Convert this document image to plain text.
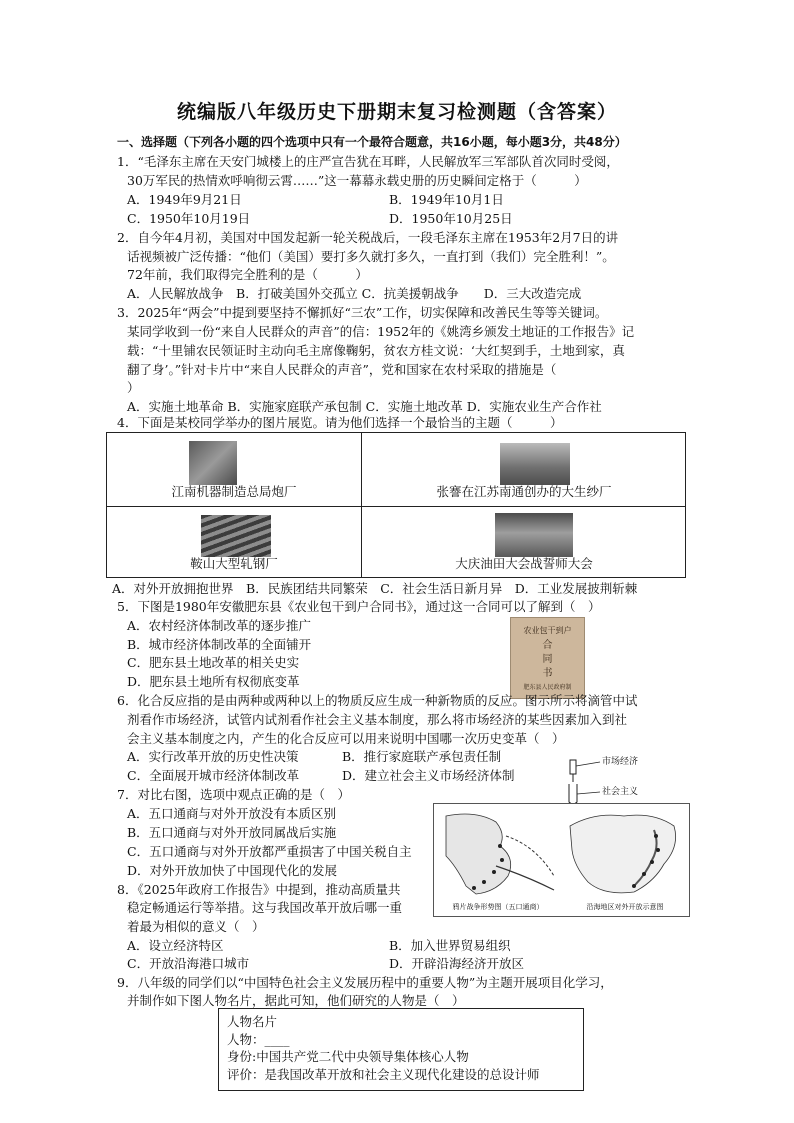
统编版八年级历史下册期末复习检测题（含答案）
一、选择题（下列各小题的四个选项中只有一个最符合题意，共16小题，每小题3分，共48分）
1．“毛泽东主席在天安门城楼上的庄严宣告犹在耳畔，人民解放军三军部队首次同时受阅，
30万军民的热情欢呼响彻云霄……”这一幕幕永载史册的历史瞬间定格于（　　　）
A．1949年9月21日	B．1949年10月1日
C．1950年10月19日	D．1950年10月25日
2．自今年4月初，美国对中国发起新一轮关税战后，一段毛泽东主席在1953年2月7日的讲
话视频被广泛传播：“他们（美国）要打多久就打多久，一直打到（我们）完全胜利！”。
72年前，我们取得完全胜利的是（　　　）
A．人民解放战争　B．打破美国外交孤立 C．抗美援朝战争　　D．三大改造完成
3．2025年“两会”中提到要坚持不懈抓好“三农”工作，切实保障和改善民生等等关键词。
某同学收到一份“来自人民群众的声音”的信：1952年的《姚湾乡颁发土地证的工作报告》记
载：“十里铺农民领证时主动向毛主席像鞠躬，贫农方桂文说：‘大红契到手，土地到家，真
翻了身’。”针对卡片中“来自人民群众的声音”，党和国家在农村采取的措施是（
）
A．实施土地革命 B．实施家庭联产承包制 C．实施土地改革 D．实施农业生产合作社
4．下面是某校同学举办的图片展览。请为他们选择一个最恰当的主题（　　　）
江南机器制造总局炮厂	张謇在江苏南通创办的大生纱厂
鞍山大型轧钢厂	大庆油田大会战誓师大会
A．对外开放拥抱世界　B．民族团结共同繁荣　C．社会生活日新月异　D．工业发展披荆斩棘
5．下图是1980年安徽肥东县《农业包干到户合同书》，通过这一合同可以了解到（　）
A．农村经济体制改革的逐步推广
B．城市经济体制改革的全面铺开
C．肥东县土地改革的相关史实
D．肥东县土地所有权彻底变革
农业包干到户
合
同
书
肥东县人民政府制
6．化合反应指的是由两种或两种以上的物质反应生成一种新物质的反应。图示所示将滴管中试
剂看作市场经济，试管内试剂看作社会主义基本制度，那么将市场经济的某些因素加入到社
会主义基本制度之内，产生的化合反应可以用来说明中国哪一次历史变革（　）
A．实行改革开放的历史性决策	B．推行家庭联产承包责任制
C．全面展开城市经济体制改革	D．建立社会主义市场经济体制
市场经济
社会主义
7．对比右图，选项中观点正确的是（　）
A．五口通商与对外开放没有本质区别
B．五口通商与对外开放同属战后实施
C．五口通商与对外开放都严重损害了中国关税自主
D．对外开放加快了中国现代化的发展
鸦片战争形势图（五口通商）	沿海地区对外开放示意图
8．《2025年政府工作报告》中提到，推动高质量共
稳定畅通运行等举措。这与我国改革开放后哪一重
着最为相似的意义（　）
A．设立经济特区	B．加入世界贸易组织
C．开放沿海港口城市	D．开辟沿海经济开放区
9．八年级的同学们以“中国特色社会主义发展历程中的重要人物”为主题开展项目化学习，
并制作如下图人物名片，据此可知，他们研究的人物是（　）
人物名片
人物：____
身份:中国共产党二代中央领导集体核心人物
评价：是我国改革开放和社会主义现代化建设的总设计师
